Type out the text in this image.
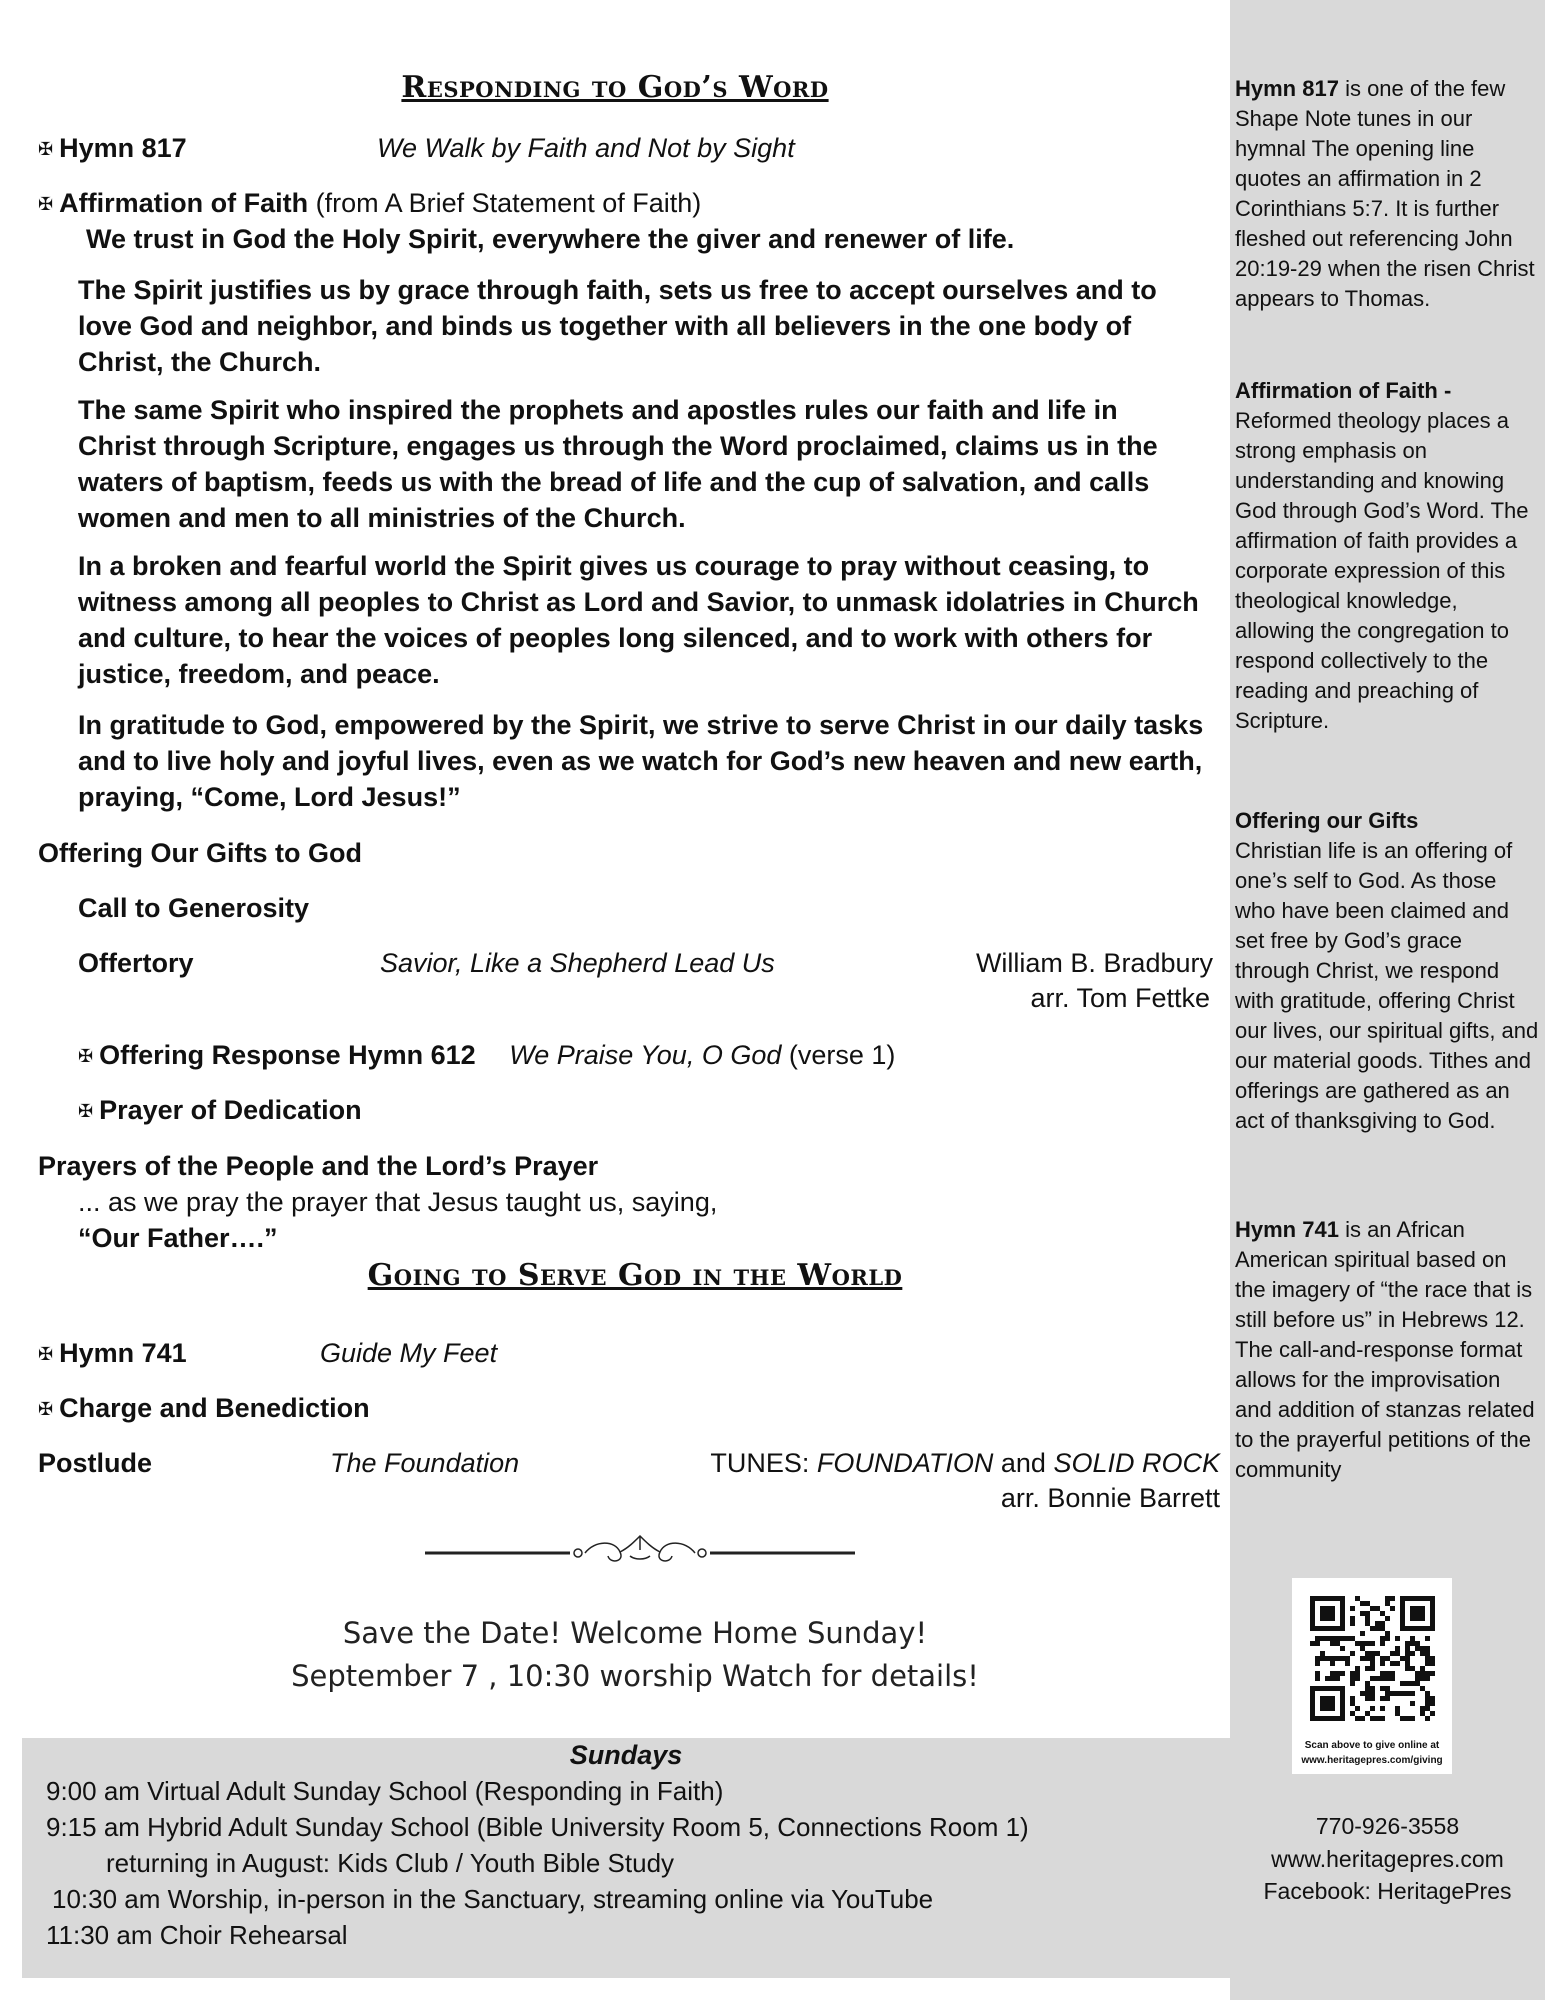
Responding to God’s Word
✠ Hymn 817	We Walk by Faith and Not by Sight
✠ Affirmation of Faith (from A Brief Statement of Faith)
We trust in God the Holy Spirit, everywhere the giver and renewer of life.

The Spirit justifies us by grace through faith, sets us free to accept ourselves and to love God and neighbor, and binds us together with all believers in the one body of Christ, the Church.

The same Spirit who inspired the prophets and apostles rules our faith and life in Christ through Scripture, engages us through the Word proclaimed, claims us in the waters of baptism, feeds us with the bread of life and the cup of salvation, and calls women and men to all ministries of the Church.

In a broken and fearful world the Spirit gives us courage to pray without ceasing, to witness among all peoples to Christ as Lord and Savior, to unmask idolatries in Church and culture, to hear the voices of peoples long silenced, and to work with others for justice, freedom, and peace.

In gratitude to God, empowered by the Spirit, we strive to serve Christ in our daily tasks and to live holy and joyful lives, even as we watch for God’s new heaven and new earth, praying, “Come, Lord Jesus!”

Offering Our Gifts to God
Call to Generosity
Offertory	Savior, Like a Shepherd Lead Us	William B. Bradbury
arr. Tom Fettke
✠ Offering Response Hymn 612 We Praise You, O God (verse 1)
✠ Prayer of Dedication
Prayers of the People and the Lord’s Prayer
... as we pray the prayer that Jesus taught us, saying,
“Our Father….”
Going to Serve God in the World
✠ Hymn 741	Guide My Feet
✠ Charge and Benediction
Postlude	The Foundation	TUNES: FOUNDATION and SOLID ROCK
arr. Bonnie Barrett
Save the Date! Welcome Home Sunday!
September 7 , 10:30 worship Watch for details!
Sundays
9:00 am Virtual Adult Sunday School (Responding in Faith)
9:15 am Hybrid Adult Sunday School (Bible University Room 5, Connections Room 1)
returning in August: Kids Club / Youth Bible Study
10:30 am Worship, in-person in the Sanctuary, streaming online via YouTube
11:30 am Choir Rehearsal

Hymn 817 is one of the few Shape Note tunes in our hymnal The opening line quotes an affirmation in 2 Corinthians 5:7. It is further fleshed out referencing John 20:19-29 when the risen Christ appears to Thomas.

Affirmation of Faith -

Reformed theology places a strong emphasis on understanding and knowing God through God’s Word. The affirmation of faith provides a corporate expression of this theological knowledge, allowing the congregation to respond collectively to the reading and preaching of Scripture.

Offering our Gifts

Christian life is an offering of one’s self to God. As those who have been claimed and set free by God’s grace through Christ, we respond with gratitude, offering Christ our lives, our spiritual gifts, and our material goods. Tithes and offerings are gathered as an act of thanksgiving to God.

Hymn 741 is an African American spiritual based on the imagery of “the race that is still before us” in Hebrews 12. The call-and-response format allows for the improvisation and addition of stanzas related to the prayerful petitions of the community

Scan above to give online at
www.heritagepres.com/giving
770-926-3558
www.heritagepres.com
Facebook: HeritagePres
